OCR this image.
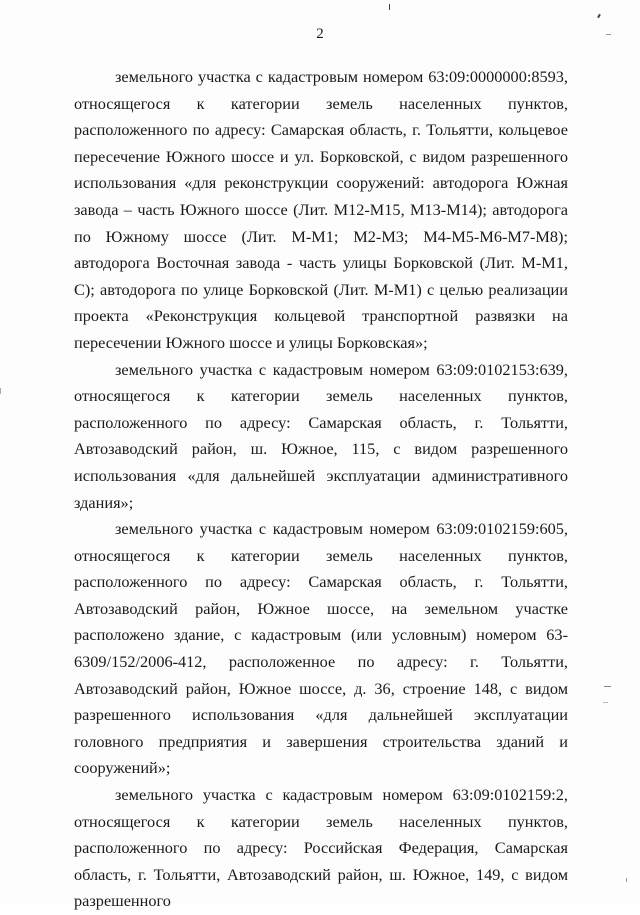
2

земельного участка с кадастровым номером 63:09:0000000:8593, относящегося к категории земель населенных пунктов, расположенного по адресу: Самарская область, г. Тольятти, кольцевое пересечение Южного шоссе и ул. Борковской, с видом разрешенного использования «для реконструкции сооружений: автодорога Южная завода – часть Южного шоссе (Лит. М12-М15, М13-М14); автодорога по Южному шоссе (Лит. М-М1; М2-М3; М4-М5-М6-М7-М8); автодорога Восточная завода - часть улицы Борковской (Лит. М-М1, С); автодорога по улице Борковской (Лит. М-М1) с целью реализации проекта «Реконструкция кольцевой транспортной развязки на пересечении Южного шоссе и улицы Борковская»;

земельного участка с кадастровым номером 63:09:0102153:639, относящегося к категории земель населенных пунктов, расположенного по адресу: Самарская область, г. Тольятти, Автозаводский район, ш. Южное, 115, с видом разрешенного использования «для дальнейшей эксплуатации административного здания»;

земельного участка с кадастровым номером 63:09:0102159:605, относящегося к категории земель населенных пунктов, расположенного по адресу: Самарская область, г. Тольятти, Автозаводский район, Южное шоссе, на земельном участке расположено здание, с кадастровым (или условным) номером 63-6309/152/2006-412, расположенное по адресу: г. Тольятти, Автозаводский район, Южное шоссе, д. 36, строение 148, с видом разрешенного использования «для дальнейшей эксплуатации головного предприятия и завершения строительства зданий и сооружений»;

земельного участка с кадастровым номером 63:09:0102159:2, относящегося к категории земель населенных пунктов, расположенного по адресу: Российская Федерация, Самарская область, г. Тольятти, Автозаводский район, ш. Южное, 149, с видом разрешенного
